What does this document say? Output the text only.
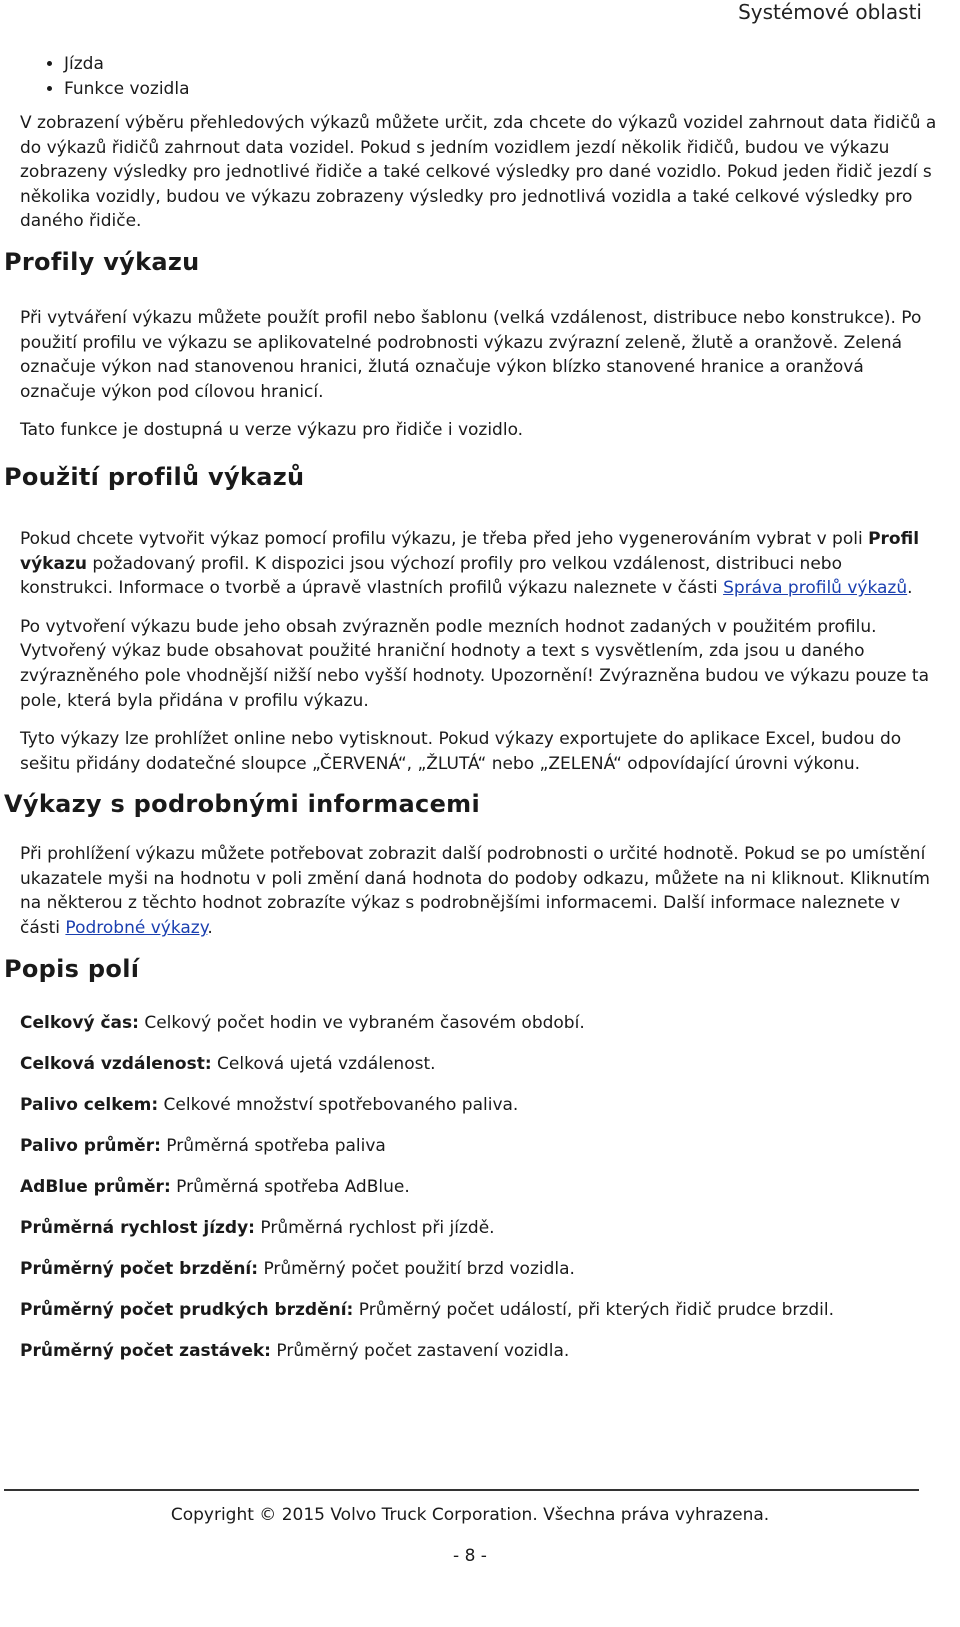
Systémové oblasti
• Jízda
• Funkce vozidla

V zobrazení výběru přehledových výkazů můžete určit, zda chcete do výkazů vozidel zahrnout data řidičů a do výkazů řidičů zahrnout data vozidel. Pokud s jedním vozidlem jezdí několik řidičů, budou ve výkazu zobrazeny výsledky pro jednotlivé řidiče a také celkové výsledky pro dané vozidlo. Pokud jeden řidič jezdí s několika vozidly, budou ve výkazu zobrazeny výsledky pro jednotlivá vozidla a také celkové výsledky pro daného řidiče.

Profily výkazu

Při vytváření výkazu můžete použít profil nebo šablonu (velká vzdálenost, distribuce nebo konstrukce). Po použití profilu ve výkazu se aplikovatelné podrobnosti výkazu zvýrazní zeleně, žlutě a oranžově. Zelená označuje výkon nad stanovenou hranici, žlutá označuje výkon blízko stanovené hranice a oranžová označuje výkon pod cílovou hranicí.

Tato funkce je dostupná u verze výkazu pro řidiče i vozidlo.

Použití profilů výkazů

Pokud chcete vytvořit výkaz pomocí profilu výkazu, je třeba před jeho vygenerováním vybrat v poli Profil výkazu požadovaný profil. K dispozici jsou výchozí profily pro velkou vzdálenost, distribuci nebo konstrukci. Informace o tvorbě a úpravě vlastních profilů výkazu naleznete v části Správa profilů výkazů.

Po vytvoření výkazu bude jeho obsah zvýrazněn podle mezních hodnot zadaných v použitém profilu. Vytvořený výkaz bude obsahovat použité hraniční hodnoty a text s vysvětlením, zda jsou u daného zvýrazněného pole vhodnější nižší nebo vyšší hodnoty. Upozornění! Zvýrazněna budou ve výkazu pouze ta pole, která byla přidána v profilu výkazu.

Tyto výkazy lze prohlížet online nebo vytisknout. Pokud výkazy exportujete do aplikace Excel, budou do sešitu přidány dodatečné sloupce „ČERVENÁ“, „ŽLUTÁ“ nebo „ZELENÁ“ odpovídající úrovni výkonu.

Výkazy s podrobnými informacemi

Při prohlížení výkazu můžete potřebovat zobrazit další podrobnosti o určité hodnotě. Pokud se po umístění ukazatele myši na hodnotu v poli změní daná hodnota do podoby odkazu, můžete na ni kliknout. Kliknutím na některou z těchto hodnot zobrazíte výkaz s podrobnějšími informacemi. Další informace naleznete v části Podrobné výkazy.

Popis polí

Celkový čas: Celkový počet hodin ve vybraném časovém období.

Celková vzdálenost: Celková ujetá vzdálenost.

Palivo celkem: Celkové množství spotřebovaného paliva.

Palivo průměr: Průměrná spotřeba paliva

AdBlue průměr: Průměrná spotřeba AdBlue.

Průměrná rychlost jízdy: Průměrná rychlost při jízdě.

Průměrný počet brzdění: Průměrný počet použití brzd vozidla.

Průměrný počet prudkých brzdění: Průměrný počet událostí, při kterých řidič prudce brzdil.

Průměrný počet zastávek: Průměrný počet zastavení vozidla.

Copyright © 2015 Volvo Truck Corporation. Všechna práva vyhrazena.
- 8 -
